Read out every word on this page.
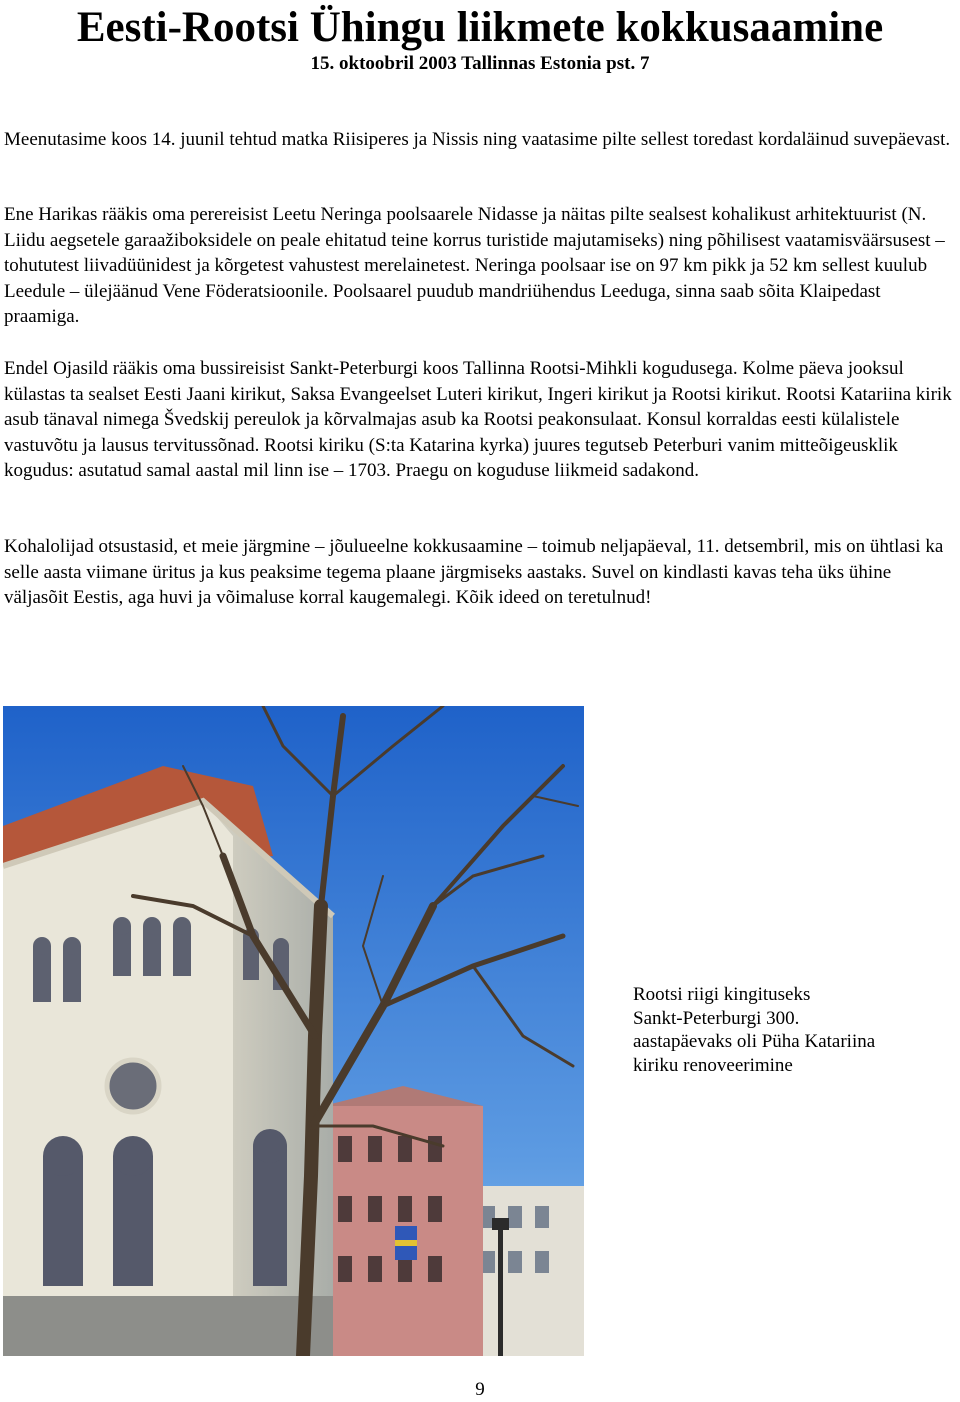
Eesti-Rootsi Ühingu liikmete kokkusaamine
15. oktoobril 2003 Tallinnas Estonia pst. 7

Meenutasime koos 14. juunil tehtud matka Riisiperes ja Nissis ning vaatasime pilte sellest toredast kordaläinud suvepäevast.

Ene Harikas rääkis oma perereisist Leetu Neringa poolsaarele Nidasse ja näitas pilte sealsest kohalikust arhitektuurist (N. Liidu aegsetele garaažiboksidele on peale ehitatud teine korrus turistide majutamiseks) ning põhilisest vaatamisväärsusest – tohututest liivadüünidest ja kõrgetest vahustest merelainetest. Neringa poolsaar ise on 97 km pikk ja 52 km sellest kuulub Leedule – ülejäänud Vene Föderatsioonile. Poolsaarel puudub mandriühendus Leeduga, sinna saab sõita Klaipedast praamiga.

Endel Ojasild rääkis oma bussireisist Sankt-Peterburgi koos Tallinna Rootsi-Mihkli kogudusega. Kolme päeva jooksul külastas ta sealset Eesti Jaani kirikut, Saksa Evangeelset Luteri kirikut, Ingeri kirikut ja Rootsi kirikut. Rootsi Katariina kirik asub tänaval nimega Švedskij pereulok ja kõrvalmajas asub ka Rootsi peakonsulaat. Konsul korraldas eesti külalistele vastuvõtu ja lausus tervitussõnad. Rootsi kiriku (S:ta Katarina kyrka) juures tegutseb Peterburi vanim mitteõigeusklik kogudus: asutatud samal aastal mil linn ise – 1703. Praegu on koguduse liikmeid sadakond.

Kohalolijad otsustasid, et meie järgmine – jõulueelne kokkusaamine – toimub neljapäeval, 11. detsembril, mis on ühtlasi ka selle aasta viimane üritus ja kus peaksime tegema plaane järgmiseks aastaks. Suvel on kindlasti kavas teha üks ühine väljasõit Eestis, aga huvi ja võimaluse korral kaugemalegi. Kõik ideed on teretulnud!

Rootsi riigi kingituseks
Sankt-Peterburgi 300.
aastapäevaks oli Püha Katariina
kiriku renoveerimine
9
